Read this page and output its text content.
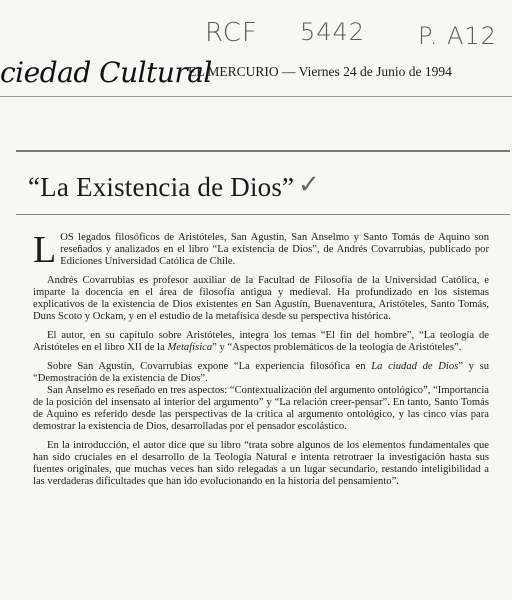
RCF 5442 P. A12
ciedad Cultural
EL MERCURIO — Viernes 24 de Junio de 1994
“La Existencia de Dios” ✓

LOS legados filosóficos de Aristóteles, San Agustín, San Anselmo y Santo Tomás de Aquino son reseñados y analizados en el libro “La existencia de Dios”, de Andrés Covarrubias, publicado por Ediciones Universidad Católica de Chile.

Andrés Covarrubias es profesor auxiliar de la Facultad de Filosofía de la Universidad Católica, e imparte la docencia en el área de filosofía antigua y medieval. Ha profundizado en los sistemas explicativos de la existencia de Dios existentes en San Agustín, Buenaventura, Aristóteles, Santo Tomás, Duns Scoto y Ockam, y en el estudio de la metafísica desde su perspectiva histórica.

El autor, en su capítulo sobre Aristóteles, integra los temas “El fin del hombre”, “La teología de Aristóteles en el libro XII de la Metafísica” y “Aspectos problemáticos de la teología de Aristóteles”.

Sobre San Agustín, Covarrubias expone “La experiencia filosófica en La ciudad de Dios” y su “Demostración de la existencia de Dios”.

San Anselmo es reseñado en tres aspectos: “Contextualización del argumento ontológico”, “Importancia de la posición del insensato al interior del argumento” y “La relación creer-pensar”. En tanto, Santo Tomás de Aquino es referido desde las perspectivas de la crítica al argumento ontológico, y las cinco vías para demostrar la existencia de Dios, desarrolladas por el pensador escolástico.

En la introducción, el autor dice que su libro “trata sobre algunos de los elementos fundamentales que han sido cruciales en el desarrollo de la Teología Natural e intenta retrotraer la investigación hasta sus fuentes originales, que muchas veces han sido relegadas a un lugar secundario, restando inteligibilidad a las verdaderas dificultades que han ido evolucionando en la historia del pensamiento”.
